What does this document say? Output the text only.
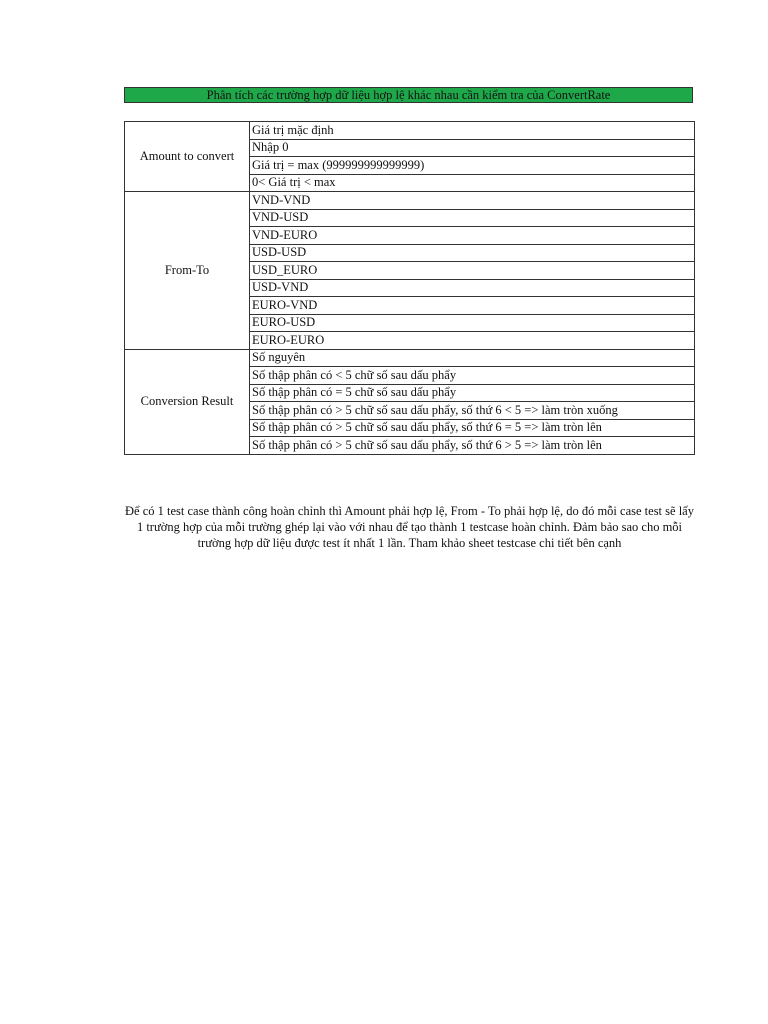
Phân tích các trường hợp dữ liệu hợp lệ khác nhau cần kiểm tra của ConvertRate
Amount to convert	Giá trị mặc định
	Nhập 0
	Giá trị = max (999999999999999)
	0< Giá trị < max
From-To	VND-VND
	VND-USD
	VND-EURO
	USD-USD
	USD_EURO
	USD-VND
	EURO-VND
	EURO-USD
	EURO-EURO
Conversion Result	Số nguyên
	Số thập phân có < 5 chữ số sau dấu phẩy
	Số thập phân có = 5 chữ số sau dấu phẩy
	Số thập phân có > 5 chữ số sau dấu phẩy, số thứ 6 < 5 => làm tròn xuống
	Số thập phân có > 5 chữ số sau dấu phẩy, số thứ 6 = 5 => làm tròn lên
	Số thập phân có > 5 chữ số sau dấu phẩy, số thứ 6 > 5 => làm tròn lên
Để có 1 test case thành công hoàn chỉnh thì Amount phải hợp lệ, From - To phải hợp lệ, do đó mỗi case test sẽ lấy 1 trường hợp của mỗi trường ghép lại vào với nhau để tạo thành 1 testcase hoàn chỉnh. Đảm bảo sao cho mỗi trường hợp dữ liệu được test ít nhất 1 lần. Tham khảo sheet testcase chi tiết bên cạnh
